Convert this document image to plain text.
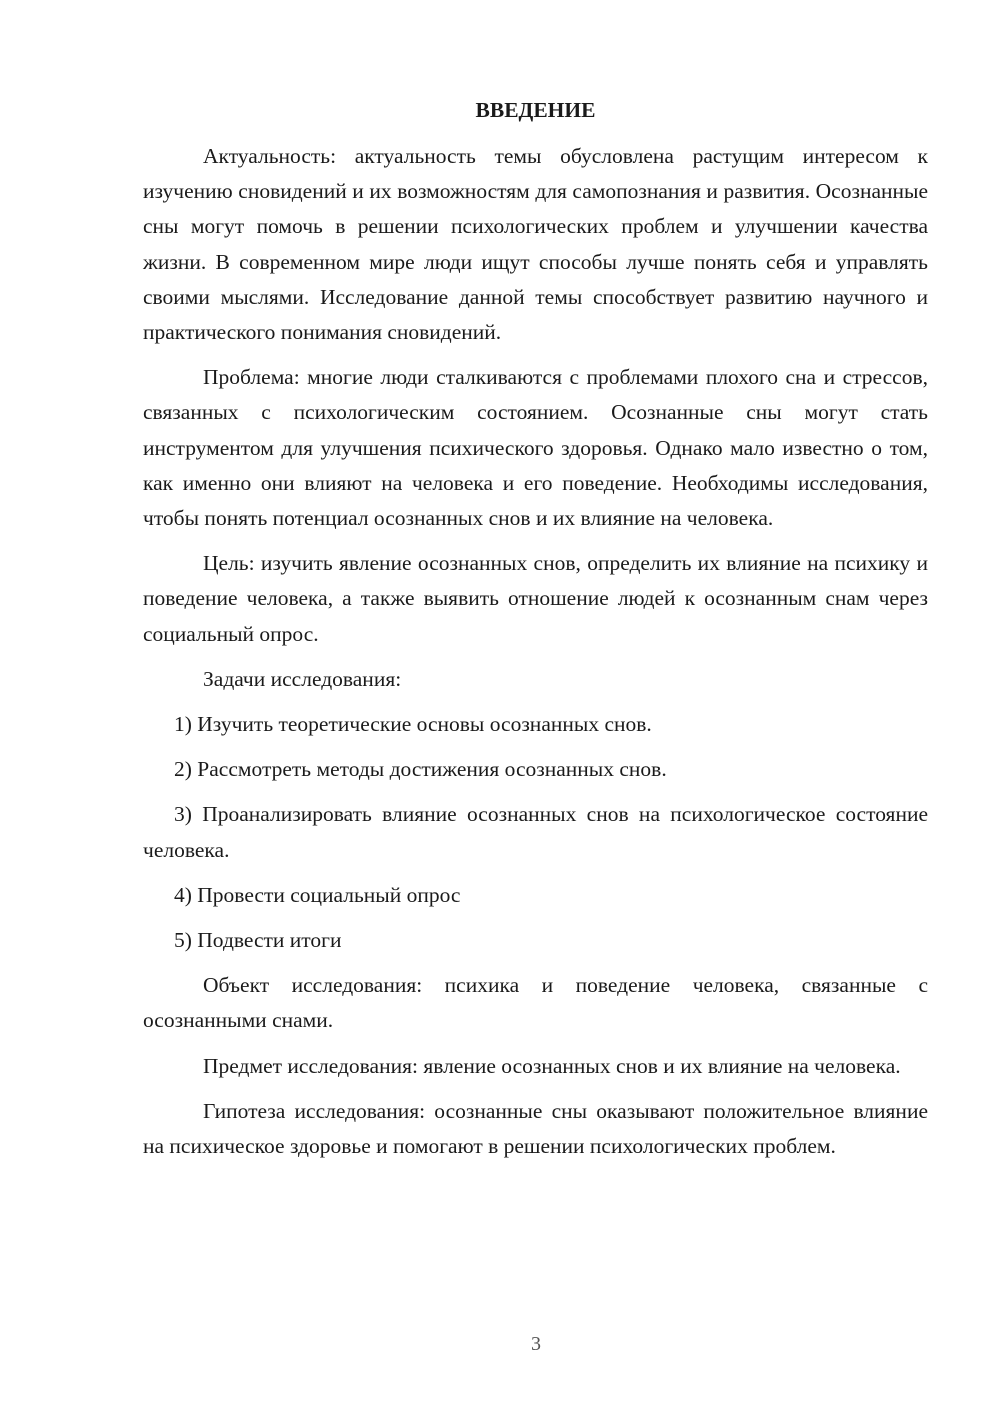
ВВЕДЕНИЕ

Актуальность: актуальность темы обусловлена растущим интересом к изучению сновидений и их возможностям для самопознания и развития. Осознанные сны могут помочь в решении психологических проблем и улучшении качества жизни. В современном мире люди ищут способы лучше понять себя и управлять своими мыслями. Исследование данной темы способствует развитию научного и практического понимания сновидений.

Проблема: многие люди сталкиваются с проблемами плохого сна и стрессов, связанных с психологическим состоянием. Осознанные сны могут стать инструментом для улучшения психического здоровья. Однако мало известно о том, как именно они влияют на человека и его поведение. Необходимы исследования, чтобы понять потенциал осознанных снов и их влияние на человека.

Цель: изучить явление осознанных снов, определить их влияние на психику и поведение человека, а также выявить отношение людей к осознанным снам через социальный опрос.

Задачи исследования:

1) Изучить теоретические основы осознанных снов.

2) Рассмотреть методы достижения осознанных снов.

3) Проанализировать влияние осознанных снов на психологическое состояние человека.

4) Провести социальный опрос

5) Подвести итоги

Объект исследования: психика и поведение человека, связанные с осознанными снами.

Предмет исследования: явление осознанных снов и их влияние на человека.

Гипотеза исследования: осознанные сны оказывают положительное влияние на психическое здоровье и помогают в решении психологических проблем.

3
